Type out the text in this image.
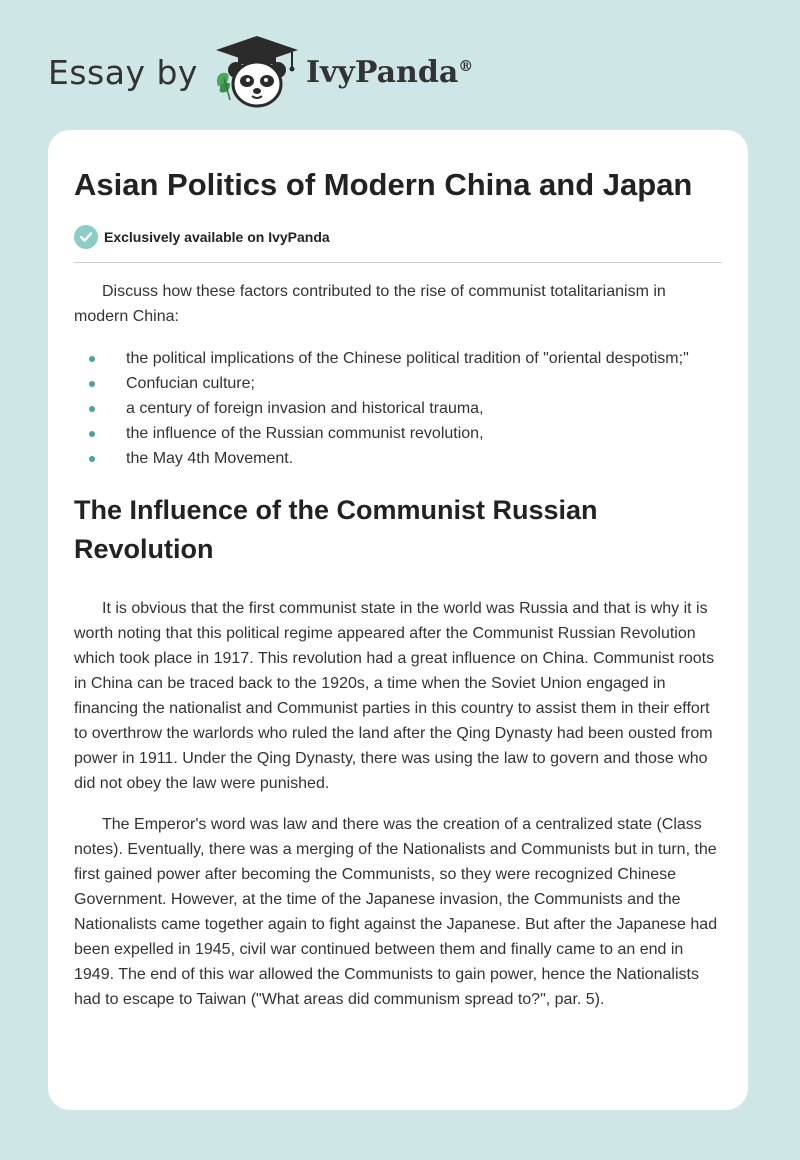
Essay by	IvyPanda®
Asian Politics of Modern China and Japan
Exclusively available on IvyPanda

Discuss how these factors contributed to the rise of communist totalitarianism in modern China:

the political implications of the Chinese political tradition of "oriental despotism;"
Confucian culture;
a century of foreign invasion and historical trauma,
the influence of the Russian communist revolution,
the May 4th Movement.
The Influence of the Communist Russian Revolution

It is obvious that the first communist state in the world was Russia and that is why it is worth noting that this political regime appeared after the Communist Russian Revolution which took place in 1917. This revolution had a great influence on China. Communist roots in China can be traced back to the 1920s, a time when the Soviet Union engaged in financing the nationalist and Communist parties in this country to assist them in their effort to overthrow the warlords who ruled the land after the Qing Dynasty had been ousted from power in 1911. Under the Qing Dynasty, there was using the law to govern and those who did not obey the law were punished.

The Emperor's word was law and there was the creation of a centralized state (Class notes). Eventually, there was a merging of the Nationalists and Communists but in turn, the first gained power after becoming the Communists, so they were recognized Chinese Government. However, at the time of the Japanese invasion, the Communists and the Nationalists came together again to fight against the Japanese. But after the Japanese had been expelled in 1945, civil war continued between them and finally came to an end in 1949. The end of this war allowed the Communists to gain power, hence the Nationalists had to escape to Taiwan ("What areas did communism spread to?", par. 5).
